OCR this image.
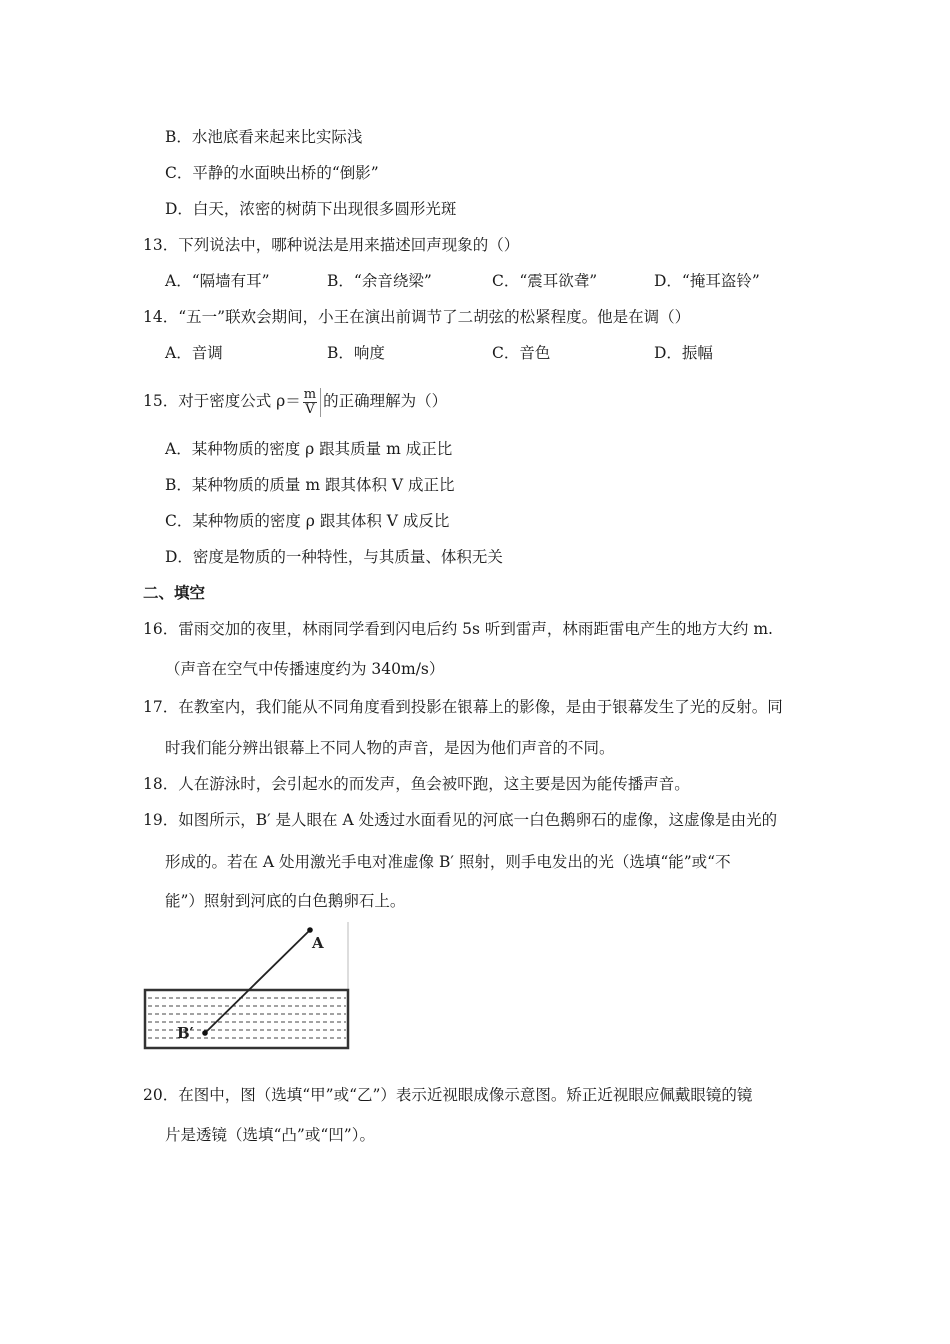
B．水池底看来起来比实际浅
C．平静的水面映出桥的“倒影”
D．白天，浓密的树荫下出现很多圆形光斑
13．下列说法中，哪种说法是用来描述回声现象的（）
A．“隔墙有耳”	B．“余音绕梁”	C．“震耳欲聋”	D．“掩耳盗铃”
14．“五一”联欢会期间，小王在演出前调节了二胡弦的松紧程度。他是在调（）
A．音调	B．响度	C．音色	D．振幅
15．对于密度公式 $\rho= \frac{m}{V}$ 的正确理解为（）
A．某种物质的密度 ρ 跟其质量 m 成正比
B．某种物质的质量 m 跟其体积 V 成正比
C．某种物质的密度 ρ 跟其体积 V 成反比
D．密度是物质的一种特性，与其质量、体积无关
二、填空
16．雷雨交加的夜里，林雨同学看到闪电后约 5s 听到雷声，林雨距雷电产生的地方大约 m.
（声音在空气中传播速度约为 340m/s）
17．在教室内，我们能从不同角度看到投影在银幕上的影像，是由于银幕发生了光的反射。同
时我们能分辨出银幕上不同人物的声音，是因为他们声音的不同。
18．人在游泳时，会引起水的而发声，鱼会被吓跑，这主要是因为能传播声音。
19．如图所示，B′ 是人眼在 A 处透过水面看见的河底一白色鹅卵石的虚像，这虚像是由光的
形成的。若在 A 处用激光手电对准虚像 B′ 照射，则手电发出的光（选填“能”或“不
能”）照射到河底的白色鹅卵石上。
A
B′
20．在图中，图（选填“甲”或“乙”）表示近视眼成像示意图。矫正近视眼应佩戴眼镜的镜
片是透镜（选填“凸”或“凹”）。
